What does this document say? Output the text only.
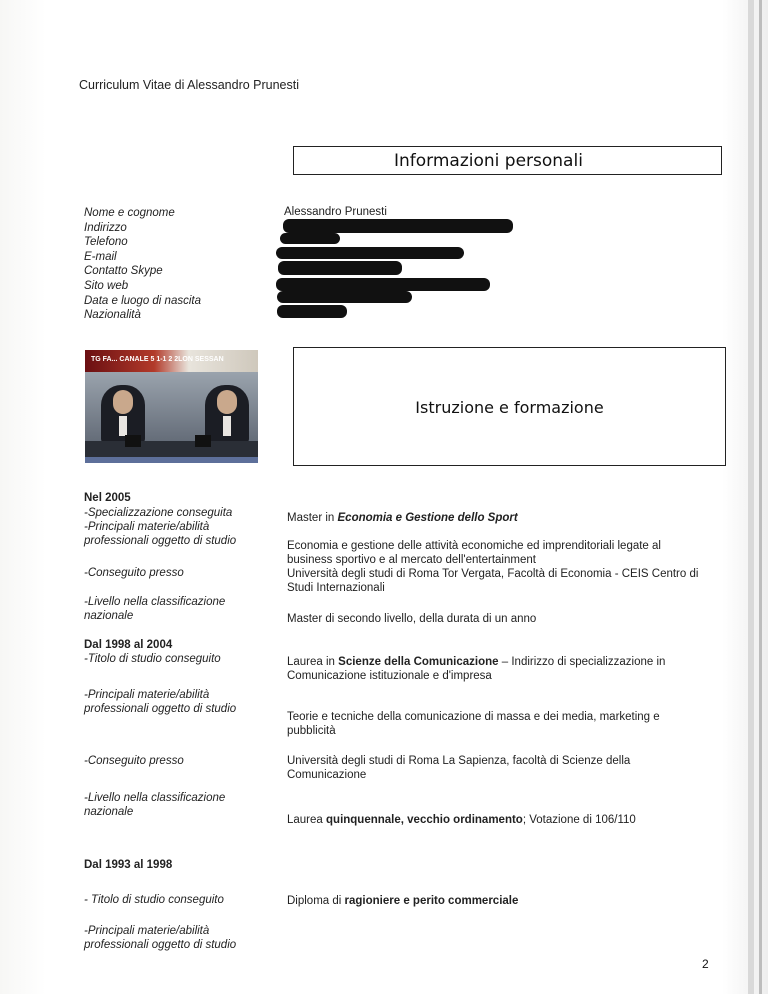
Curriculum Vitae di Alessandro Prunesti
Informazioni personali
Nome e cognome
Indirizzo
Telefono
E-mail
Contatto Skype
Sito web
Data e luogo di nascita
Nazionalità
Alessandro Prunesti
TG FA... CANALE 5 1-1 2 2LON SESSAN
Istruzione e formazione
Nel 2005
-Specializzazione conseguita
-Principali materie/abilità
professionali oggetto di studio
-Conseguito presso
-Livello nella classificazione
nazionale
Master in Economia e Gestione dello Sport
Economia e gestione delle attività economiche ed imprenditoriali legate al
business sportivo e al mercato dell'entertainment
Università degli studi di Roma Tor Vergata, Facoltà di Economia - CEIS Centro di
Studi Internazionali
Master di secondo livello, della durata di un anno
Dal 1998 al 2004
-Titolo di studio conseguito
-Principali materie/abilità
professionali oggetto di studio
-Conseguito presso
-Livello nella classificazione
nazionale
Laurea in Scienze della Comunicazione – Indirizzo di specializzazione in
Comunicazione istituzionale e d'impresa
Teorie e tecniche della comunicazione di massa e dei media, marketing e
pubblicità
Università degli studi di Roma La Sapienza, facoltà di Scienze della
Comunicazione
Laurea quinquennale, vecchio ordinamento; Votazione di 106/110
Dal 1993 al 1998
- Titolo di studio conseguito
-Principali materie/abilità
professionali oggetto di studio
Diploma di ragioniere e perito commerciale
2
